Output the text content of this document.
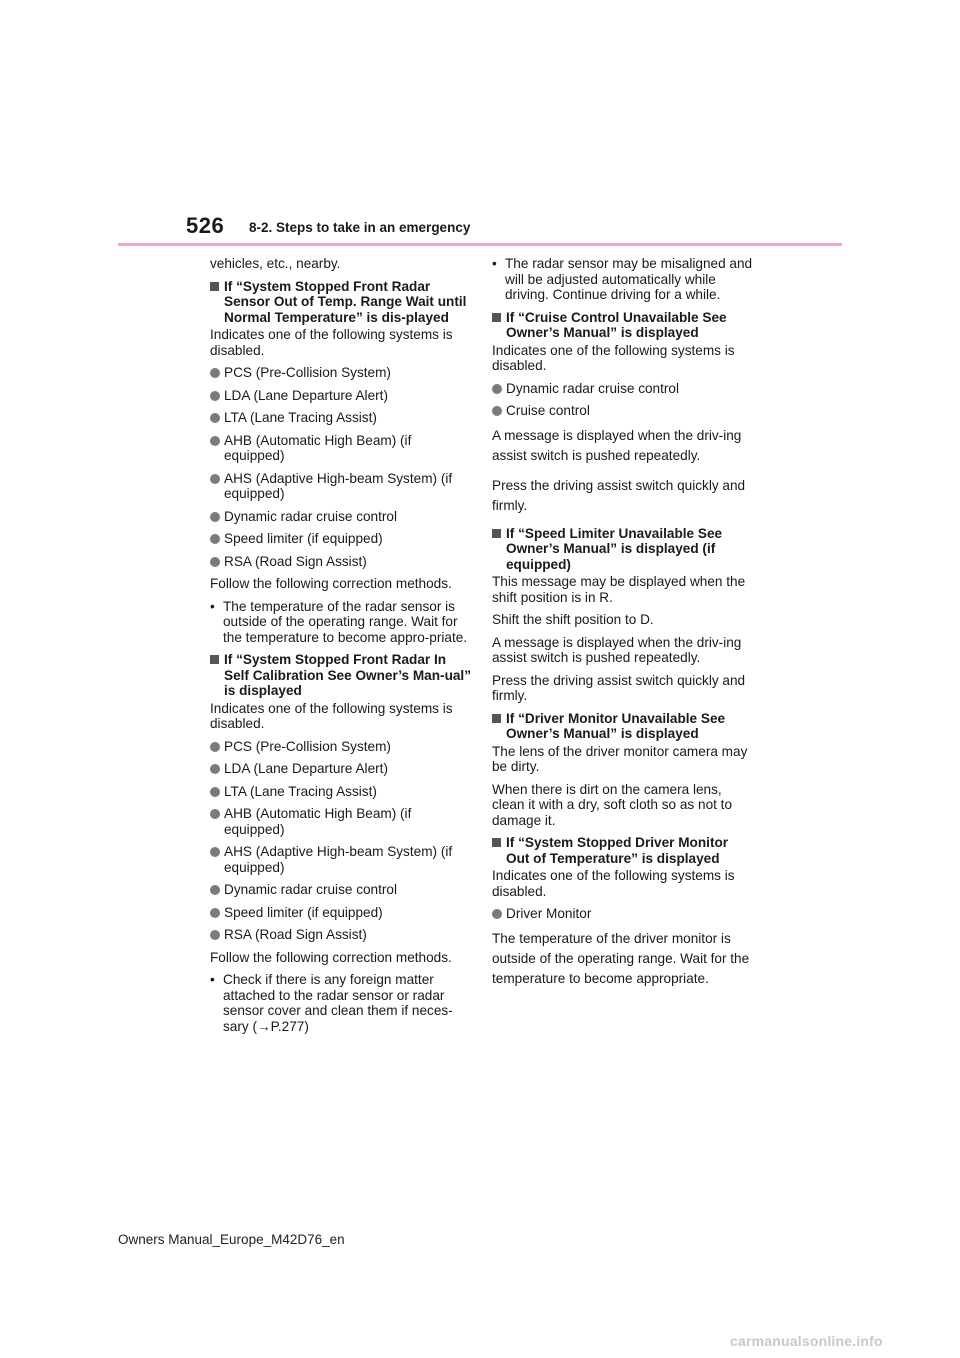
526 8-2. Steps to take in an emergency

vehicles, etc., nearby.

If “System Stopped Front Radar Sensor Out of Temp. Range Wait until Normal Temperature” is dis-played

Indicates one of the following systems is disabled.

PCS (Pre-Collision System)
LDA (Lane Departure Alert)
LTA (Lane Tracing Assist)
AHB (Automatic High Beam) (if equipped)
AHS (Adaptive High-beam System) (if equipped)
Dynamic radar cruise control
Speed limiter (if equipped)
RSA (Road Sign Assist)

Follow the following correction methods.

• The temperature of the radar sensor is outside of the operating range. Wait for the temperature to become appro-priate.
If “System Stopped Front Radar In Self Calibration See Owner’s Man-ual” is displayed

Indicates one of the following systems is disabled.

PCS (Pre-Collision System)
LDA (Lane Departure Alert)
LTA (Lane Tracing Assist)
AHB (Automatic High Beam) (if equipped)
AHS (Adaptive High-beam System) (if equipped)
Dynamic radar cruise control
Speed limiter (if equipped)
RSA (Road Sign Assist)

Follow the following correction methods.

• Check if there is any foreign matter attached to the radar sensor or radar sensor cover and clean them if neces-sary (→P.277)
• The radar sensor may be misaligned and will be adjusted automatically while driving. Continue driving for a while.
If “Cruise Control Unavailable See Owner’s Manual” is displayed

Indicates one of the following systems is disabled.

Dynamic radar cruise control
Cruise control

A message is displayed when the driv-ing assist switch is pushed repeatedly.

Press the driving assist switch quickly and firmly.

If “Speed Limiter Unavailable See Owner’s Manual” is displayed (if equipped)

This message may be displayed when the shift position is in R.

Shift the shift position to D.

A message is displayed when the driv-ing assist switch is pushed repeatedly.

Press the driving assist switch quickly and firmly.

If “Driver Monitor Unavailable See Owner’s Manual” is displayed

The lens of the driver monitor camera may be dirty.

When there is dirt on the camera lens, clean it with a dry, soft cloth so as not to damage it.

If “System Stopped Driver Monitor Out of Temperature” is displayed

Indicates one of the following systems is disabled.

Driver Monitor

The temperature of the driver monitor is outside of the operating range. Wait for the temperature to become appropriate.

Owners Manual_Europe_M42D76_en
carmanualsonline.info
